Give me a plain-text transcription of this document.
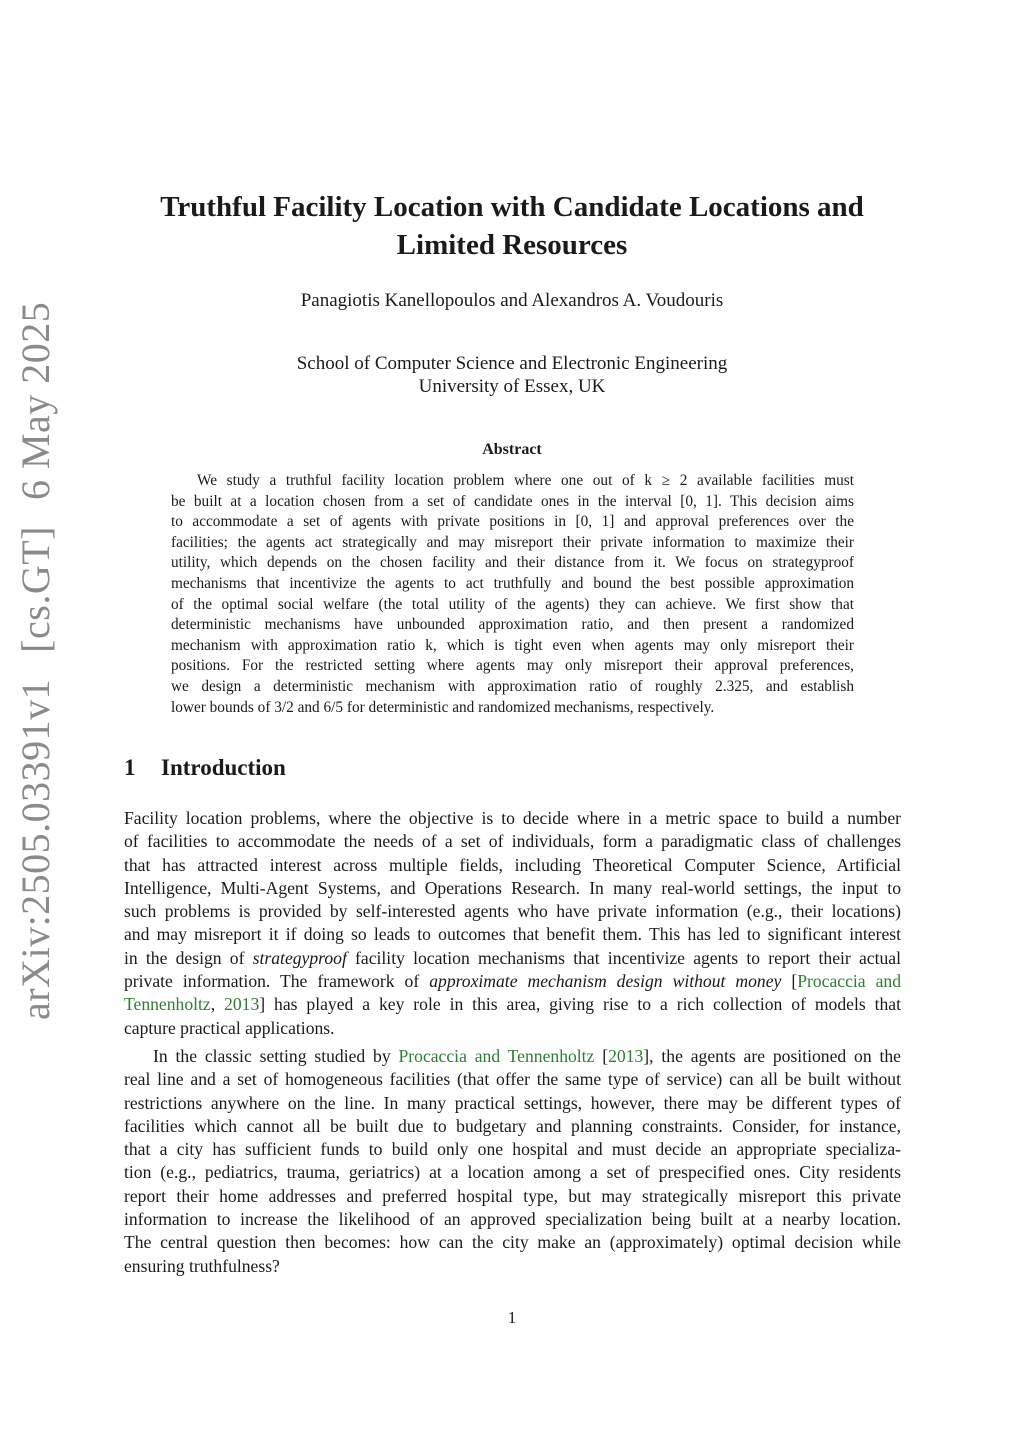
arXiv:2505.03391v1[cs.GT]6 May 2025
Truthful Facility Location with Candidate Locations and
Limited Resources
Panagiotis Kanellopoulos and Alexandros A. Voudouris
School of Computer Science and Electronic Engineering
University of Essex, UK
Abstract
We study a truthful facility location problem where one out of k ≥ 2 available facilities must
be built at a location chosen from a set of candidate ones in the interval [0, 1]. This decision aims
to accommodate a set of agents with private positions in [0, 1] and approval preferences over the
facilities; the agents act strategically and may misreport their private information to maximize their
utility, which depends on the chosen facility and their distance from it. We focus on strategyproof
mechanisms that incentivize the agents to act truthfully and bound the best possible approximation
of the optimal social welfare (the total utility of the agents) they can achieve. We first show that
deterministic mechanisms have unbounded approximation ratio, and then present a randomized
mechanism with approximation ratio k, which is tight even when agents may only misreport their
positions. For the restricted setting where agents may only misreport their approval preferences,
we design a deterministic mechanism with approximation ratio of roughly 2.325, and establish
lower bounds of 3/2 and 6/5 for deterministic and randomized mechanisms, respectively.
1 Introduction
Facility location problems, where the objective is to decide where in a metric space to build a number
of facilities to accommodate the needs of a set of individuals, form a paradigmatic class of challenges
that has attracted interest across multiple fields, including Theoretical Computer Science, Artificial
Intelligence, Multi-Agent Systems, and Operations Research. In many real-world settings, the input to
such problems is provided by self-interested agents who have private information (e.g., their locations)
and may misreport it if doing so leads to outcomes that benefit them. This has led to significant interest
in the design of strategyproof facility location mechanisms that incentivize agents to report their actual
private information. The framework of approximate mechanism design without money [Procaccia and
Tennenholtz, 2013] has played a key role in this area, giving rise to a rich collection of models that
capture practical applications.
In the classic setting studied by Procaccia and Tennenholtz [2013], the agents are positioned on the
real line and a set of homogeneous facilities (that offer the same type of service) can all be built without
restrictions anywhere on the line. In many practical settings, however, there may be different types of
facilities which cannot all be built due to budgetary and planning constraints. Consider, for instance,
that a city has sufficient funds to build only one hospital and must decide an appropriate specializa-
tion (e.g., pediatrics, trauma, geriatrics) at a location among a set of prespecified ones. City residents
report their home addresses and preferred hospital type, but may strategically misreport this private
information to increase the likelihood of an approved specialization being built at a nearby location.
The central question then becomes: how can the city make an (approximately) optimal decision while
ensuring truthfulness?
1
